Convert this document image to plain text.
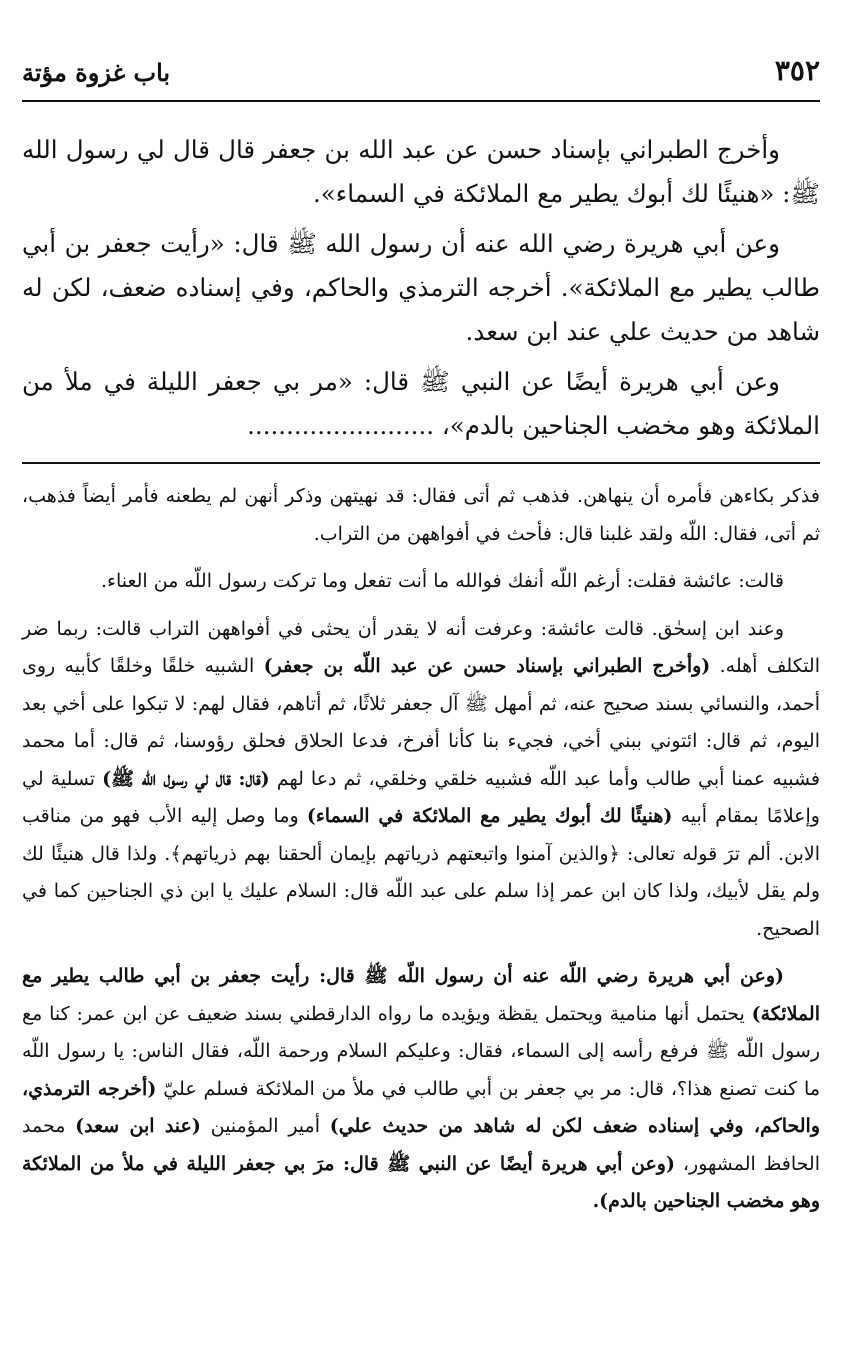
٣٥٢
باب غزوة مؤتة

وأخرج الطبراني بإسناد حسن عن عبد الله بن جعفر قال قال لي رسول الله ﷺ: «هنيئًا لك أبوك يطير مع الملائكة في السماء».

وعن أبي هريرة رضي الله عنه أن رسول الله ﷺ قال: «رأيت جعفر بن أبي طالب يطير مع الملائكة». أخرجه الترمذي والحاكم، وفي إسناده ضعف، لكن له شاهد من حديث علي عند ابن سعد.

وعن أبي هريرة أيضًا عن النبي ﷺ قال: «مر بي جعفر الليلة في ملأ من الملائكة وهو مخضب الجناحين بالدم»، ........................

فذكر بكاءهن فأمره أن ينهاهن. فذهب ثم أتى فقال: قد نهيتهن وذكر أنهن لم يطعنه فأمر أيضاً فذهب، ثم أتى، فقال: اللّه ولقد غلبنا قال: فأحث في أفواههن من التراب.

قالت: عائشة فقلت: أرغم اللّه أنفك فوالله ما أنت تفعل وما تركت رسول اللّه من العناء.

وعند ابن إسحٰق. قالت عائشة: وعرفت أنه لا يقدر أن يحثى في أفواههن التراب قالت: ربما ضر التكلف أهله. (وأخرج الطبراني بإسناد حسن عن عبد اللّه بن جعفر) الشبيه خلقًا وخلقًا كأبيه روى أحمد، والنسائي بسند صحيح عنه، ثم أمهل ﷺ آل جعفر ثلاثًا، ثم أتاهم، فقال لهم: لا تبكوا على أخي بعد اليوم، ثم قال: ائتوني ببني أخي، فجيء بنا كأنا أفرخ، فدعا الحلاق فحلق رؤوسنا، ثم قال: أما محمد فشبيه عمنا أبي طالب وأما عبد اللّه فشبيه خلقي وخلقي، ثم دعا لهم (قال: قال لي رسول اللّه ﷺ) تسلية لي وإعلامًا بمقام أبيه (هنيئًا لك أبوك يطير مع الملائكة في السماء) وما وصل إليه الأب فهو من مناقب الابن. ألم ترَ قوله تعالى: ﴿والذين آمنوا واتبعتهم ذرياتهم بإيمان ألحقنا بهم ذرياتهم﴾. ولذا قال هنيئًا لك ولم يقل لأبيك، ولذا كان ابن عمر إذا سلم على عبد اللّه قال: السلام عليك يا ابن ذي الجناحين كما في الصحيح.

(وعن أبي هريرة رضي اللّه عنه أن رسول اللّه ﷺ قال: رأيت جعفر بن أبي طالب يطير مع الملائكة) يحتمل أنها منامية ويحتمل يقظة ويؤيده ما رواه الدارقطني بسند ضعيف عن ابن عمر: كنا مع رسول اللّه ﷺ فرفع رأسه إلى السماء، فقال: وعليكم السلام ورحمة اللّه، فقال الناس: يا رسول اللّه ما كنت تصنع هذا؟، قال: مر بي جعفر بن أبي طالب في ملأ من الملائكة فسلم عليّ (أخرجه الترمذي، والحاكم، وفي إسناده ضعف لكن له شاهد من حديث علي) أمير المؤمنين (عند ابن سعد) محمد الحافظ المشهور، (وعن أبي هريرة أيضًا عن النبي ﷺ قال: مرَ بي جعفر الليلة في ملأ من الملائكة وهو مخضب الجناحين بالدم).
